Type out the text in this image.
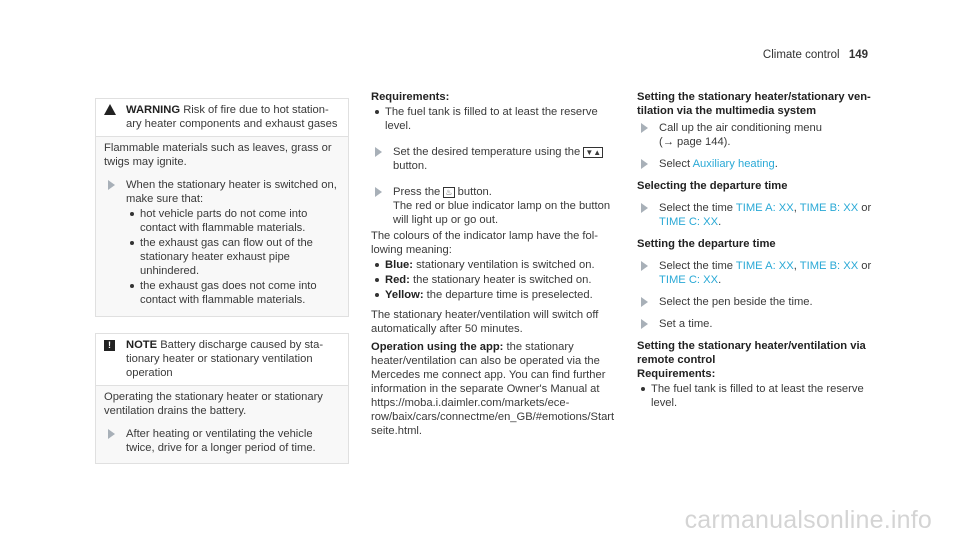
Climate control 149

WARNING Risk of fire due to hot stationary heater components and exhaust gases

Flammable materials such as leaves, grass or twigs may ignite.

When the stationary heater is switched on, make sure that:

hot vehicle parts do not come into contact with flammable materials.
the exhaust gas can flow out of the stationary heater exhaust pipe unhindered.
the exhaust gas does not come into contact with flammable materials.
!	NOTE Battery discharge caused by stationary heater or stationary ventilation operation

Operating the stationary heater or stationary ventilation drains the battery.

After heating or ventilating the vehicle twice, drive for a longer period of time.

Requirements:

The fuel tank is filled to at least the reserve level.

Set the desired temperature using the ▼▲ button.

Press the ♨ button.

The red or blue indicator lamp on the button will light up or go out.

The colours of the indicator lamp have the following meaning:

Blue: stationary ventilation is switched on.
Red: the stationary heater is switched on.
Yellow: the departure time is preselected.

The stationary heater/ventilation will switch off automatically after 50 minutes.

Operation using the app: the stationary heater/ventilation can also be operated via the Mercedes me connect app. You can find further information in the separate Owner's Manual at https://moba.i.daimler.com/markets/ece-row/baix/cars/connectme/en_GB/#emotions/Startseite.html.

Setting the stationary heater/stationary ventilation via the multimedia system

Call up the air conditioning menu

(→ page 144).

Select Auxiliary heating.

Selecting the departure time

Select the time TIME A: XX, TIME B: XX or TIME C: XX.

Setting the departure time

Select the time TIME A: XX, TIME B: XX or TIME C: XX.

Select the pen beside the time.

Set a time.

Setting the stationary heater/ventilation via remote control

Requirements:

The fuel tank is filled to at least the reserve level.
carmanualsonline.info
